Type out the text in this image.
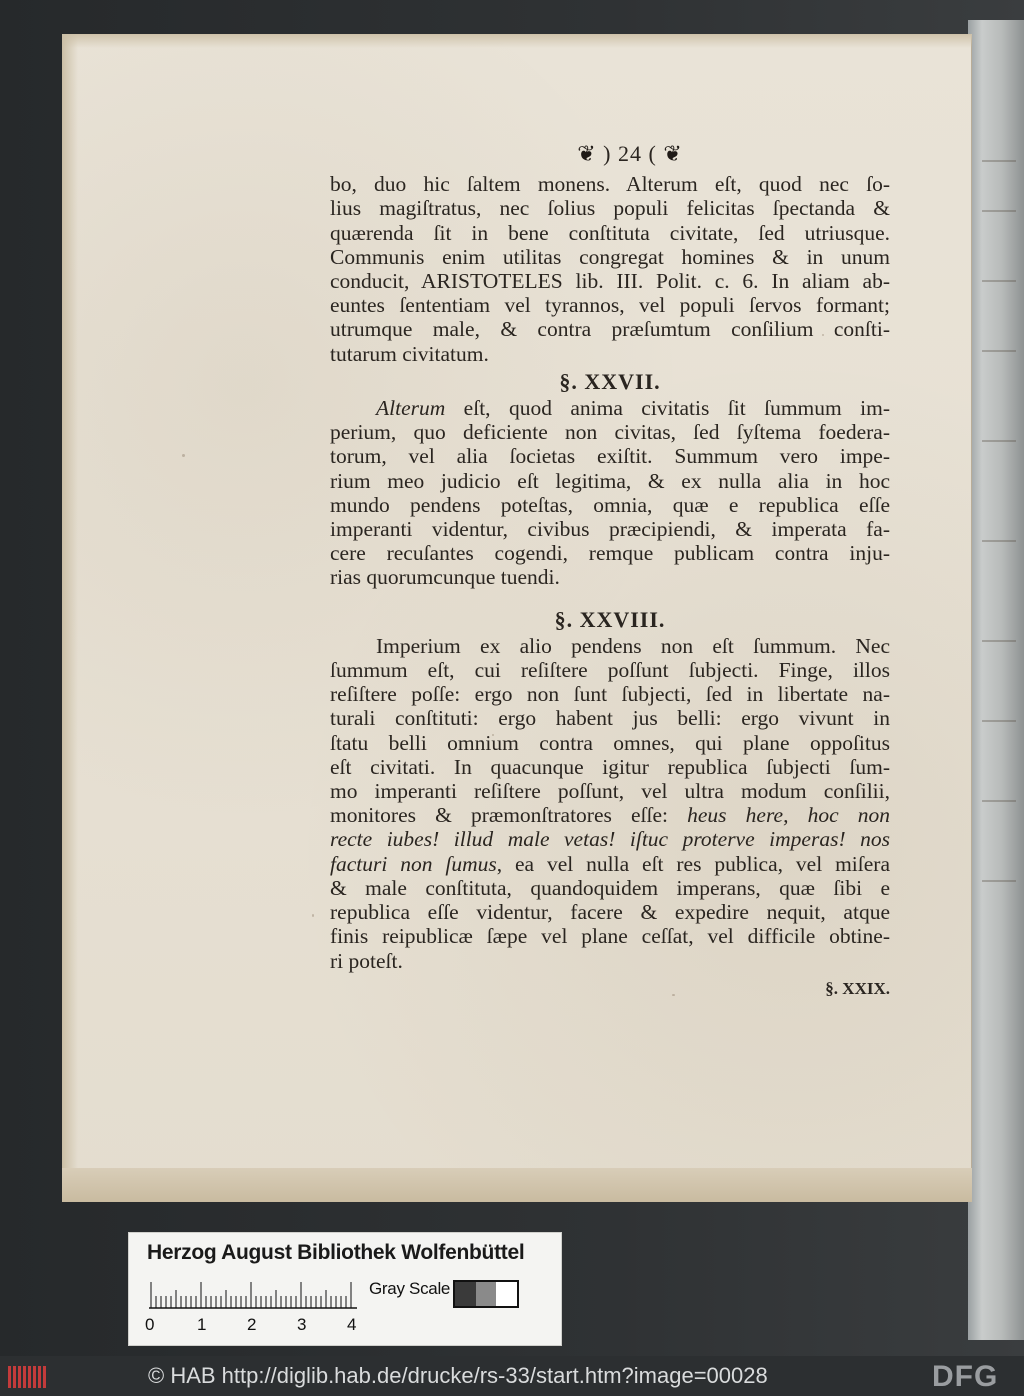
❦ ) 24 ( ❦
bo, duo hic ſaltem monens. Alterum eſt, quod nec ſo-
lius magiſtratus, nec ſolius populi felicitas ſpectanda &
quærenda ſit in bene conſtituta civitate, ſed utriusque.
Communis enim utilitas congregat homines & in unum
conducit, ARISTOTELES lib. III. Polit. c. 6. In aliam ab-
euntes ſententiam vel tyrannos, vel populi ſervos formant;
utrumque male, & contra præſumtum conſilium conſti-
tutarum civitatum.
§. XXVII.
Alterum eſt, quod anima civitatis ſit ſummum im-
perium, quo deficiente non civitas, ſed ſyſtema foedera-
torum, vel alia ſocietas exiſtit. Summum vero impe-
rium meo judicio eſt legitima, & ex nulla alia in hoc
mundo pendens poteſtas, omnia, quæ e republica eſſe
imperanti videntur, civibus præcipiendi, & imperata fa-
cere recuſantes cogendi, remque publicam contra inju-
rias quorumcunque tuendi.
§. XXVIII.
Imperium ex alio pendens non eſt ſummum. Nec
ſummum eſt, cui reſiſtere poſſunt ſubjecti. Finge, illos
reſiſtere poſſe: ergo non ſunt ſubjecti, ſed in libertate na-
turali conſtituti: ergo habent jus belli: ergo vivunt in
ſtatu belli omnium contra omnes, qui plane oppoſitus
eſt civitati. In quacunque igitur republica ſubjecti ſum-
mo imperanti reſiſtere poſſunt, vel ultra modum conſilii,
monitores & præmonſtratores eſſe: heus here, hoc non
recte iubes! illud male vetas! iſtuc proterve imperas! nos
facturi non ſumus, ea vel nulla eſt res publica, vel miſera
& male conſtituta, quandoquidem imperans, quæ ſibi e
republica eſſe videntur, facere & expedire nequit, atque
finis reipublicæ ſæpe vel plane ceſſat, vel difficile obtine-
ri poteſt.
§. XXIX.
Herzog August Bibliothek Wolfenbüttel
0	1 2 3 4
Gray Scale
© HAB http://diglib.hab.de/drucke/rs-33/start.htm?image=00028	DFG
